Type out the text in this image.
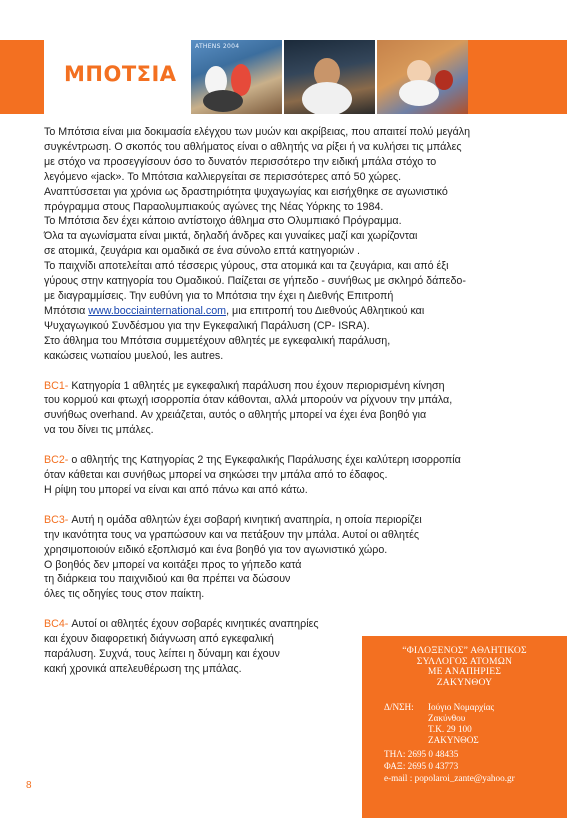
ΜΠΟΤΣΙΑ
ATHENS 2004

Το Μπότσια είναι μια δοκιμασία ελέγχου των μυών και ακρίβειας, που απαιτεί πολύ μεγάλη

συγκέντρωση. Ο σκοπός του αθλήματος είναι ο αθλητής να ρίξει ή να κυλήσει τις μπάλες

με στόχο να προσεγγίσουν όσο το δυνατόν περισσότερο την ειδική μπάλα στόχο το

λεγόμενο «jack». Το Μπότσια καλλιεργείται σε περισσότερες από 50 χώρες.

Αναπτύσσεται για χρόνια ως δραστηριότητα ψυχαγωγίας και εισήχθηκε σε αγωνιστικό

πρόγραμμα στους Παραολυμπιακούς αγώνες της Νέας Υόρκης το 1984.

Το Μπότσια δεν έχει κάποιο αντίστοιχο άθλημα στο Ολυμπιακό Πρόγραμμα.

Όλα τα αγωνίσματα είναι μικτά, δηλαδή άνδρες και γυναίκες μαζί και χωρίζονται

σε ατομικά, ζευγάρια και ομαδικά σε ένα σύνολο επτά κατηγοριών .

Το παιχνίδι αποτελείται από τέσσερις γύρους, στα ατομικά και τα ζευγάρια, και από έξι

γύρους στην κατηγορία του Ομαδικού. Παίζεται σε γήπεδο - συνήθως με σκληρό δάπεδο-

με διαγραμμίσεις. Την ευθύνη για το Μπότσια την έχει η Διεθνής Επιτροπή

Μπότσια www.bocciainternational.com, μια επιτροπή του Διεθνούς Αθλητικού και

Ψυχαγωγικού Συνδέσμου για την Εγκεφαλική Παράλυση (CP- ISRA).

Στο άθλημα του Μπότσια συμμετέχουν αθλητές με εγκεφαλική παράλυση,

κακώσεις νωτιαίου μυελού, les autres.

BC1- Κατηγορία 1 αθλητές με εγκεφαλική παράλυση που έχουν περιορισμένη κίνηση

του κορμού και φτωχή ισορροπία όταν κάθονται, αλλά μπορούν να ρίχνουν την μπάλα,

συνήθως overhand. Αν χρειάζεται, αυτός ο αθλητής μπορεί να έχει ένα βοηθό για

να του δίνει τις μπάλες.

BC2- ο αθλητής της Κατηγορίας 2 της Εγκεφαλικής Παράλυσης έχει καλύτερη ισορροπία

όταν κάθεται και συνήθως μπορεί να σηκώσει την μπάλα από το έδαφος.

Η ρίψη του μπορεί να είναι και από πάνω και από κάτω.

BC3- Αυτή η ομάδα αθλητών έχει σοβαρή κινητική αναπηρία, η οποία περιορίζει

την ικανότητα τους να γραπώσουν και να πετάξουν την μπάλα. Αυτοί οι αθλητές

χρησιμοποιούν ειδικό εξοπλισμό και ένα βοηθό για τον αγωνιστικό χώρο.

Ο βοηθός δεν μπορεί να κοιτάξει προς το γήπεδο κατά

τη διάρκεια του παιχνιδιού και θα πρέπει να δώσουν

όλες τις οδηγίες τους στον παίκτη.

BC4- Αυτοί οι αθλητές έχουν σοβαρές κινητικές αναπηρίες

και έχουν διαφορετική διάγνωση από εγκεφαλική

παράλυση. Συχνά, τους λείπει η δύναμη και έχουν

κακή χρονικά απελευθέρωση της μπάλας.

“ΦΙΛΟΞΕΝΟΣ” ΑΘΛΗΤΙΚΟΣ
ΣΥΛΛΟΓΟΣ ΑΤΟΜΩΝ
ΜΕ ΑΝΑΠΗΡΙΕΣ
ΖΑΚΥΝΘΟΥ
Δ/ΝΣΗ: Ιούγιο Νομαρχίας
Ζακύνθου
Τ.Κ. 29 100
ΖΑΚΥΝΘΟΣ
ΤΗΛ: 2695 0 48435
ΦΑΞ: 2695 0 43773
e-mail : popolaroi_zante@yahoo.gr
8
